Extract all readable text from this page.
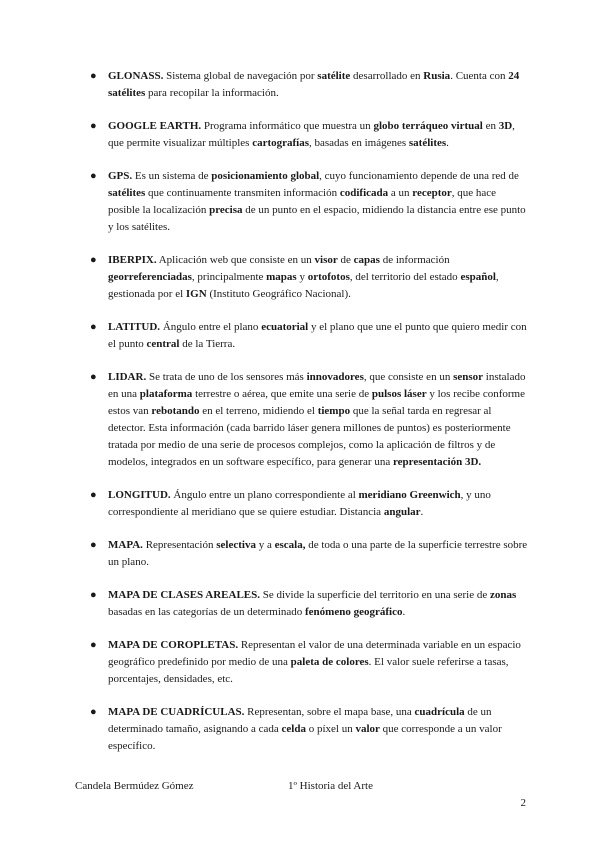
● GLONASS. Sistema global de navegación por satélite desarrollado en Rusia. Cuenta con 24 satélites para recopilar la información.
● GOOGLE EARTH. Programa informático que muestra un globo terráqueo virtual en 3D, que permite visualizar múltiples cartografías, basadas en imágenes satélites.
● GPS. Es un sistema de posicionamiento global, cuyo funcionamiento depende de una red de satélites que continuamente transmiten información codificada a un receptor, que hace posible la localización precisa de un punto en el espacio, midiendo la distancia entre ese punto y los satélites.
● IBERPIX. Aplicación web que consiste en un visor de capas de información georreferenciadas, principalmente mapas y ortofotos, del territorio del estado español, gestionada por el IGN (Instituto Geográfico Nacional).
● LATITUD. Ángulo entre el plano ecuatorial y el plano que une el punto que quiero medir con el punto central de la Tierra.
● LIDAR. Se trata de uno de los sensores más innovadores, que consiste en un sensor instalado en una plataforma terrestre o aérea, que emite una serie de pulsos láser y los recibe conforme estos van rebotando en el terreno, midiendo el tiempo que la señal tarda en regresar al detector. Esta información (cada barrido láser genera millones de puntos) es posteriormente tratada por medio de una serie de procesos complejos, como la aplicación de filtros y de modelos, integrados en un software específico, para generar una representación 3D.
● LONGITUD. Ángulo entre un plano correspondiente al meridiano Greenwich, y uno correspondiente al meridiano que se quiere estudiar. Distancia angular.
● MAPA. Representación selectiva y a escala, de toda o una parte de la superficie terrestre sobre un plano.
● MAPA DE CLASES AREALES. Se divide la superficie del territorio en una serie de zonas basadas en las categorías de un determinado fenómeno geográfico.
● MAPA DE COROPLETAS. Representan el valor de una determinada variable en un espacio geográfico predefinido por medio de una paleta de colores. El valor suele referirse a tasas, porcentajes, densidades, etc.
● MAPA DE CUADRÍCULAS. Representan, sobre el mapa base, una cuadrícula de un determinado tamaño, asignando a cada celda o píxel un valor que corresponde a un valor específico.
Candela Bermúdez Gómez	1º Historia del Arte
2
